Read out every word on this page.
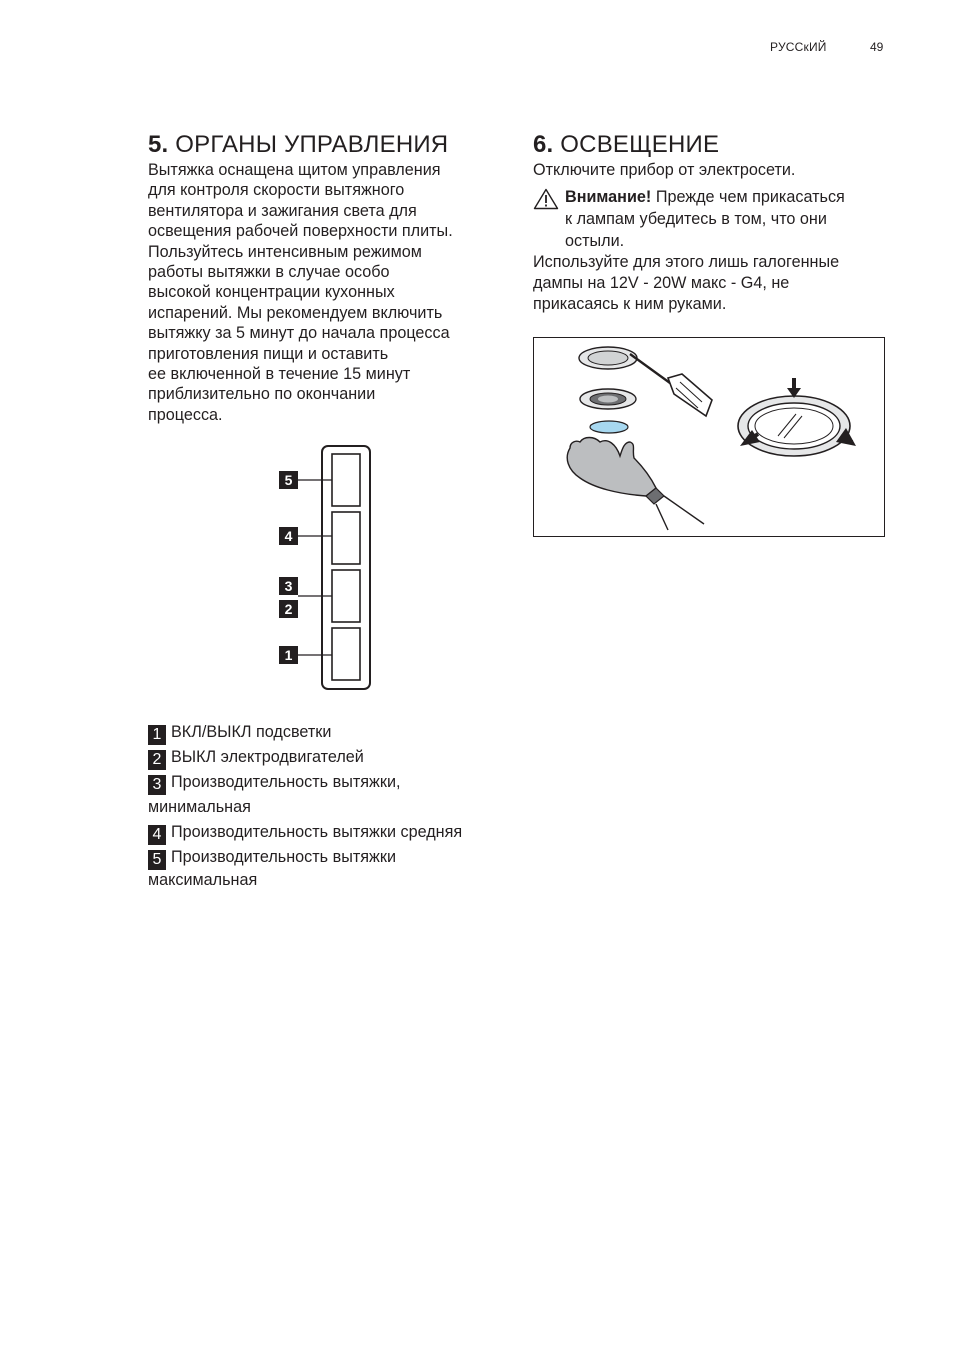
РУССкИЙ	49
5. ОРГАНЫ УПРАВЛЕНИЯ
Вытяжка оснащена щитом управления
для контроля скорости вытяжного
вентилятора и зажигания света для
освещения рабочей поверхности плиты.
Пользуйтесь интенсивным режимом
работы вытяжки в случае особо
высокой концентрации кухонных
испарений. Мы рекомендуем включить
вытяжку за 5 минут до начала процесса
приготовления пищи и оставить
ее включенной в течение 15 минут
приблизительно по окончании
процесса.
5
4
3
2
1
1 ВКЛ/ВЫКЛ подсветки
2 ВЫКЛ электродвигателей
3 Производительность вытяжки,
минимальная
4 Производительность вытяжки средняя
5 Производительность вытяжки
максимальная
6. ОСВЕЩЕНИЕ
Отключите прибор от электросети.
Внимание! Прежде чем прикасаться
к лампам убедитесь в том, что они
остыли.
Используйте для этого лишь галогенные
дампы на 12V - 20W макс - G4, не
прикасаясь к ним руками.
